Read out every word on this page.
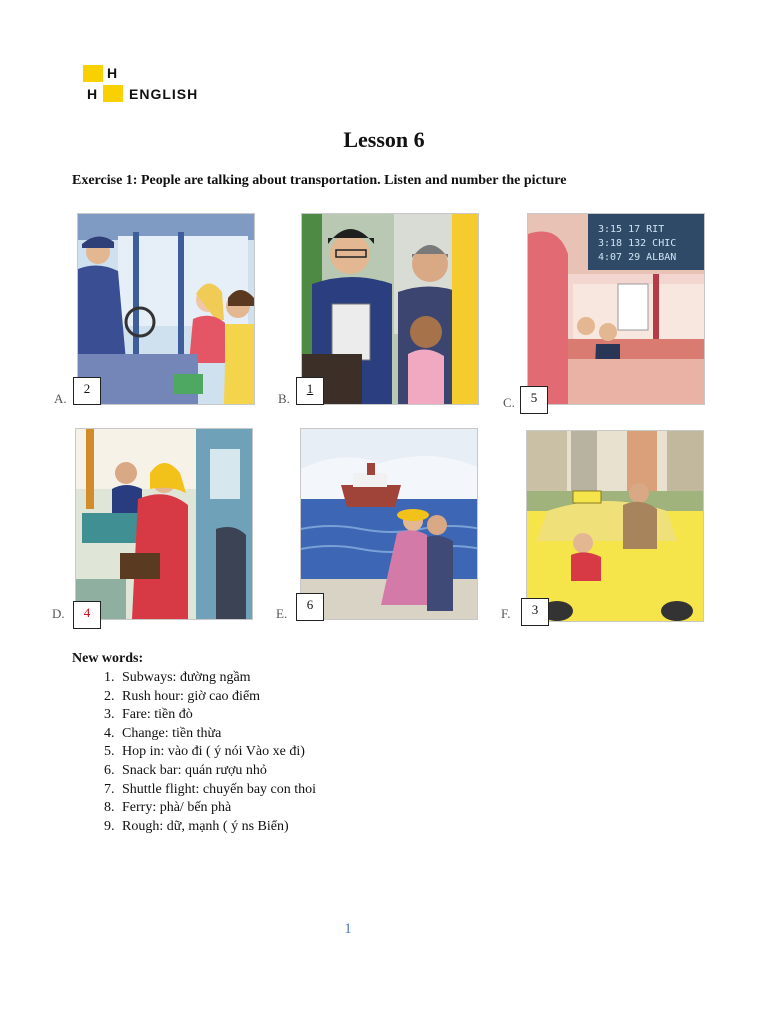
H
H ENGLISH
Lesson 6
Exercise 1: People are talking about transportation. Listen and number the picture
A.
2
B.
1
3:15 17 RIT
3:18 132 CHIC
4:07 29 ALBAN
C.	5
D.	4	E.
6
F.	3
New words:
1. Subways: đường ngầm
2. Rush hour: giờ cao điểm
3. Fare: tiền đò
4. Change: tiền thừa
5. Hop in: vào đi ( ý nói Vào xe đi)
6. Snack bar: quán rượu nhỏ
7. Shuttle flight: chuyến bay con thoi
8. Ferry: phà/ bến phà
9. Rough: dữ, mạnh ( ý ns Biển)
1
